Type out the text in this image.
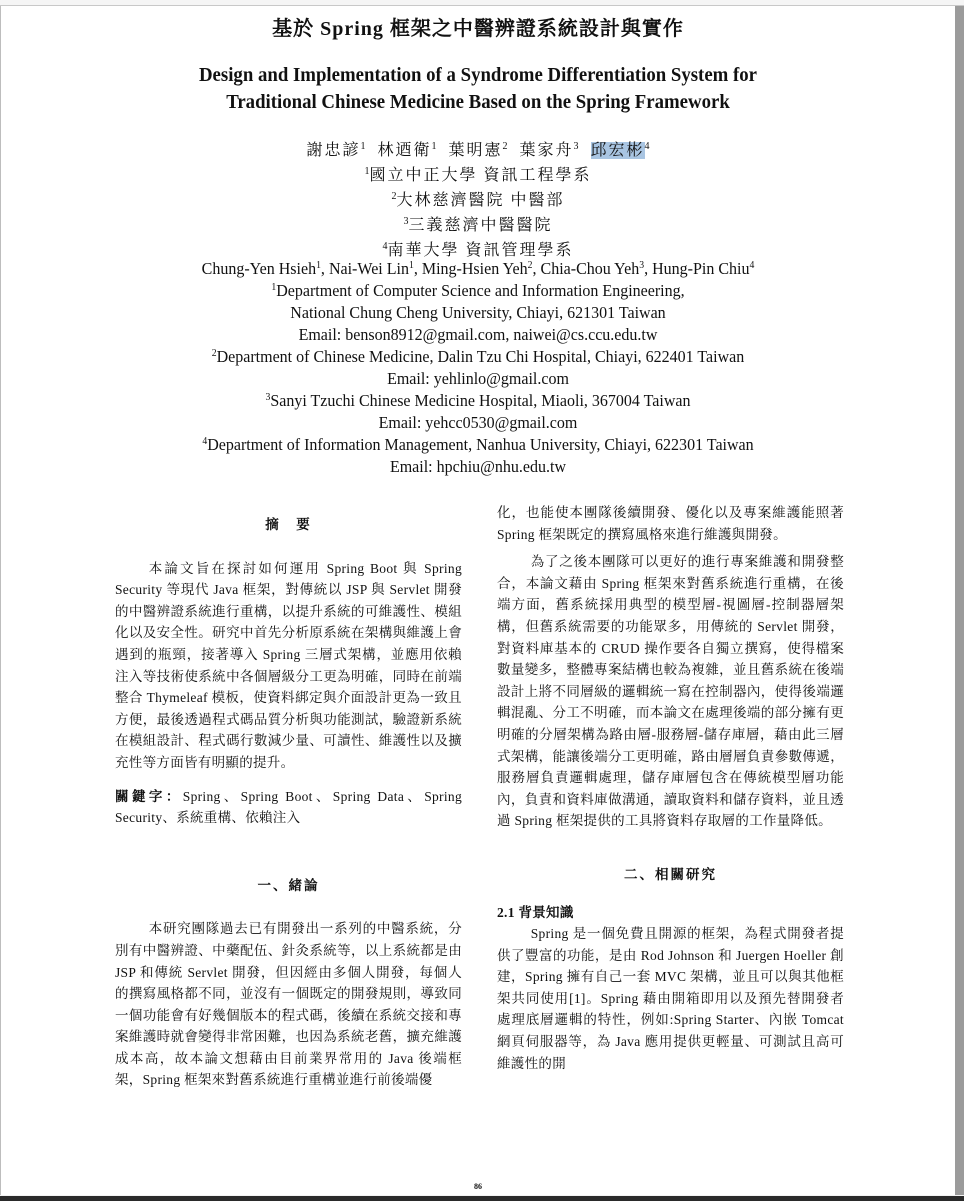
基於 Spring 框架之中醫辨證系統設計與實作
Design and Implementation of a Syndrome Differentiation System for
Traditional Chinese Medicine Based on the Spring Framework
謝忠諺$^1$ 林迺衛$^1$ 葉明憲$^2$ 葉家舟$^3$ 邱宏彬$^4$
$^1$國立中正大學 資訊工程學系
$^2$大林慈濟醫院 中醫部
$^3$三義慈濟中醫醫院
$^4$南華大學 資訊管理學系
Chung-Yen Hsieh$^1$, Nai-Wei Lin$^1$, Ming-Hsien Yeh$^2$, Chia-Chou Yeh$^3$, Hung-Pin Chiu$^4$
$^1$Department of Computer Science and Information Engineering,
National Chung Cheng University, Chiayi, 621301 Taiwan
Email: benson8912@gmail.com, naiwei@cs.ccu.edu.tw
$^2$Department of Chinese Medicine, Dalin Tzu Chi Hospital, Chiayi, 622401 Taiwan
Email: yehlinlo@gmail.com
$^3$Sanyi Tzuchi Chinese Medicine Hospital, Miaoli, 367004 Taiwan
Email: yehcc0530@gmail.com
$^4$Department of Information Management, Nanhua University, Chiayi, 622301 Taiwan
Email: hpchiu@nhu.edu.tw
摘　要

本論文旨在探討如何運用 Spring Boot 與 Spring Security 等現代 Java 框架，對傳統以 JSP 與 Servlet 開發的中醫辨證系統進行重構，以提升系統的可維護性、模組化以及安全性。研究中首先分析原系統在架構與維護上會遇到的瓶頸，接著導入 Spring 三層式架構，並應用依賴注入等技術使系統中各個層級分工更為明確，同時在前端整合 Thymeleaf 模板，使資料綁定與介面設計更為一致且方便，最後透過程式碼品質分析與功能測試，驗證新系統在模組設計、程式碼行數減少量、可讀性、維護性以及擴充性等方面皆有明顯的提升。

關鍵字：Spring、Spring Boot、Spring Data、Spring Security、系統重構、依賴注入

一、緒論

本研究團隊過去已有開發出一系列的中醫系統，分別有中醫辨證、中藥配伍、針灸系統等，以上系統都是由 JSP 和傳統 Servlet 開發，但因經由多個人開發，每個人的撰寫風格都不同，並沒有一個既定的開發規則，導致同一個功能會有好幾個版本的程式碼，後續在系統交接和專案維護時就會變得非常困難，也因為系統老舊，擴充維護成本高，故本論文想藉由目前業界常用的 Java 後端框架，Spring 框架來對舊系統進行重構並進行前後端優

化，也能使本團隊後續開發、優化以及專案維護能照著 Spring 框架既定的撰寫風格來進行維護與開發。

為了之後本團隊可以更好的進行專案維護和開發整合，本論文藉由 Spring 框架來對舊系統進行重構，在後端方面，舊系統採用典型的模型層-視圖層-控制器層架構，但舊系統需要的功能眾多，用傳統的 Servlet 開發，對資料庫基本的 CRUD 操作要各自獨立撰寫，使得檔案數量變多，整體專案結構也較為複雜，並且舊系統在後端設計上將不同層級的邏輯統一寫在控制器內，使得後端邏輯混亂、分工不明確，而本論文在處理後端的部分擁有更明確的分層架構為路由層-服務層-儲存庫層，藉由此三層式架構，能讓後端分工更明確，路由層層負責參數傳遞，服務層負責邏輯處理，儲存庫層包含在傳統模型層功能內，負責和資料庫做溝通，讀取資料和儲存資料，並且透過 Spring 框架提供的工具將資料存取層的工作量降低。

二、相關研究

2.1 背景知識

Spring 是一個免費且開源的框架，為程式開發者提供了豐富的功能，是由 Rod Johnson 和 Juergen Hoeller 創建，Spring 擁有自己一套 MVC 架構，並且可以與其他框架共同使用[1]。Spring 藉由開箱即用以及預先替開發者處理底層邏輯的特性，例如:Spring Starter、內嵌 Tomcat 網頁伺服器等，為 Java 應用提供更輕量、可測試且高可維護性的開

86
